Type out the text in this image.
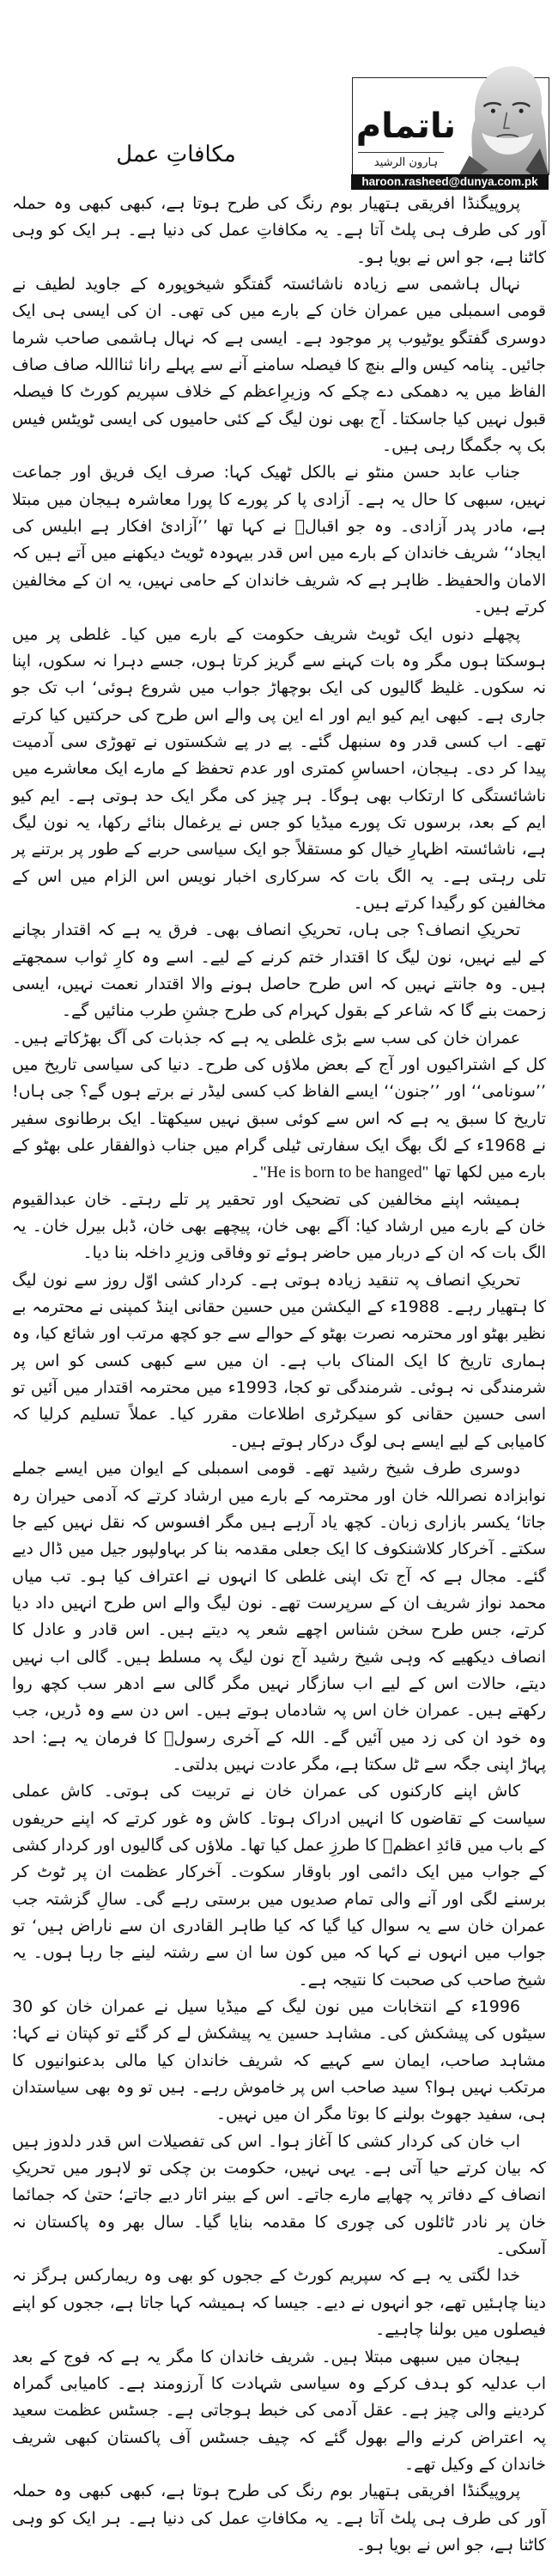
مکافاتِ عمل
ناتمام
ہارون الرشید
haroon.rasheed@dunya.com.pk

پروپیگنڈا افریقی ہتھیار بوم رنگ کی طرح ہوتا ہے، کبھی کبھی وہ حملہ آور کی طرف ہی پلٹ آتا ہے۔ یہ مکافاتِ عمل کی دنیا ہے۔ ہر ایک کو وہی کاٹنا ہے، جو اس نے بویا ہو۔

نہال ہاشمی سے زیادہ ناشائستہ گفتگو شیخوپورہ کے جاوید لطیف نے قومی اسمبلی میں عمران خان کے بارے میں کی تھی۔ ان کی ایسی ہی ایک دوسری گفتگو یوٹیوب پر موجود ہے۔ ایسی ہے کہ نہال ہاشمی صاحب شرما جائیں۔ پنامہ کیس والے بنچ کا فیصلہ سامنے آنے سے پہلے رانا ثنااللہ صاف صاف الفاظ میں یہ دھمکی دے چکے کہ وزیرِاعظم کے خلاف سپریم کورٹ کا فیصلہ قبول نہیں کیا جاسکتا۔ آج بھی نون لیگ کے کئی حامیوں کی ایسی ٹویٹس فیس بک پہ جگمگا رہی ہیں۔

جناب عابد حسن منٹو نے بالکل ٹھیک کہا: صرف ایک فریق اور جماعت نہیں، سبھی کا حال یہ ہے۔ آزادی پا کر پورے کا پورا معاشرہ ہیجان میں مبتلا ہے، مادر پدر آزادی۔ وہ جو اقبالؔ نے کہا تھا ’’آزادیٔ افکار ہے ابلیس کی ایجاد‘‘ شریف خاندان کے بارے میں اس قدر بیہودہ ٹویٹ دیکھنے میں آتے ہیں کہ الامان والحفیظ۔ ظاہر ہے کہ شریف خاندان کے حامی نہیں، یہ ان کے مخالفین کرتے ہیں۔

پچھلے دنوں ایک ٹویٹ شریف حکومت کے بارے میں کیا۔ غلطی پر میں ہوسکتا ہوں مگر وہ بات کہنے سے گریز کرتا ہوں، جسے دہرا نہ سکوں، اپنا نہ سکوں۔ غلیظ گالیوں کی ایک بوچھاڑ جواب میں شروع ہوئی‘ اب تک جو جاری ہے۔ کبھی ایم کیو ایم اور اے این پی والے اس طرح کی حرکتیں کیا کرتے تھے۔ اب کسی قدر وہ سنبھل گئے۔ پے در پے شکستوں نے تھوڑی سی آدمیت پیدا کر دی۔ ہیجان، احساسِ کمتری اور عدم تحفظ کے مارے ایک معاشرے میں ناشائستگی کا ارتکاب بھی ہوگا۔ ہر چیز کی مگر ایک حد ہوتی ہے۔ ایم کیو ایم کے بعد، برسوں تک پورے میڈیا کو جس نے یرغمال بنائے رکھا، یہ نون لیگ ہے، ناشائستہ اظہارِ خیال کو مستقلاً جو ایک سیاسی حربے کے طور پر برتنے پر تلی رہتی ہے۔ یہ الگ بات کہ سرکاری اخبار نویس اس الزام میں اس کے مخالفین کو رگیدا کرتے ہیں۔

تحریکِ انصاف؟ جی ہاں، تحریکِ انصاف بھی۔ فرق یہ ہے کہ اقتدار بچانے کے لیے نہیں، نون لیگ کا اقتدار ختم کرنے کے لیے۔ اسے وہ کارِ ثواب سمجھتے ہیں۔ وہ جانتے نہیں کہ اس طرح حاصل ہونے والا اقتدار نعمت نہیں، ایسی زحمت بنے گا کہ شاعر کے بقول کہرام کی طرح جشنِ طرب منائیں گے۔

عمران خان کی سب سے بڑی غلطی یہ ہے کہ جذبات کی آگ بھڑکاتے ہیں۔ کل کے اشتراکیوں اور آج کے بعض ملاؤں کی طرح۔ دنیا کی سیاسی تاریخ میں ’’سونامی‘‘ اور ’’جنون‘‘ ایسے الفاظ کب کسی لیڈر نے برتے ہوں گے؟ جی ہاں! تاریخ کا سبق یہ ہے کہ اس سے کوئی سبق نہیں سیکھتا۔ ایک برطانوی سفیر نے 1968ء کے لگ بھگ ایک سفارتی ٹیلی گرام میں جناب ذوالفقار علی بھٹو کے بارے میں لکھا تھا "He is born to be hanged"۔

ہمیشہ اپنے مخالفین کی تضحیک اور تحقیر پر تلے رہتے۔ خان عبدالقیوم خان کے بارے میں ارشاد کیا: آگے بھی خان، پیچھے بھی خان، ڈبل بیرل خان۔ یہ الگ بات کہ ان کے دربار میں حاضر ہوئے تو وفاقی وزیرِ داخلہ بنا دیا۔

تحریکِ انصاف پہ تنقید زیادہ ہوتی ہے۔ کردار کشی اوّل روز سے نون لیگ کا ہتھیار رہے۔ 1988ء کے الیکشن میں حسین حقانی اینڈ کمپنی نے محترمہ بے نظیر بھٹو اور محترمہ نصرت بھٹو کے حوالے سے جو کچھ مرتب اور شائع کیا، وہ ہماری تاریخ کا ایک المناک باب ہے۔ ان میں سے کبھی کسی کو اس پر شرمندگی نہ ہوئی۔ شرمندگی تو کجا، 1993ء میں محترمہ اقتدار میں آئیں تو اسی حسین حقانی کو سیکرٹری اطلاعات مقرر کیا۔ عملاً تسلیم کرلیا کہ کامیابی کے لیے ایسے ہی لوگ درکار ہوتے ہیں۔

دوسری طرف شیخ رشید تھے۔ قومی اسمبلی کے ایوان میں ایسے جملے نوابزادہ نصراللہ خان اور محترمہ کے بارے میں ارشاد کرتے کہ آدمی حیران رہ جاتا‘ یکسر بازاری زبان۔ کچھ یاد آرہے ہیں مگر افسوس کہ نقل نہیں کیے جا سکتے۔ آخرکار کلاشنکوف کا ایک جعلی مقدمہ بنا کر بہاولپور جیل میں ڈال دیے گئے۔ مجال ہے کہ آج تک اپنی غلطی کا انہوں نے اعتراف کیا ہو۔ تب میاں محمد نواز شریف ان کے سرپرست تھے۔ نون لیگ والے اس طرح انہیں داد دیا کرتے، جس طرح سخن شناس اچھے شعر پہ دیتے ہیں۔ اس قادر و عادل کا انصاف دیکھیے کہ وہی شیخ رشید آج نون لیگ پہ مسلط ہیں۔ گالی اب نہیں دیتے، حالات اس کے لیے اب سازگار نہیں مگر گالی سے ادھر سب کچھ روا رکھتے ہیں۔ عمران خان اس پہ شادماں ہوتے ہیں۔ اس دن سے وہ ڈریں، جب وہ خود ان کی زد میں آئیں گے۔ اللہ کے آخری رسولؐ کا فرمان یہ ہے: احد پہاڑ اپنی جگہ سے ٹل سکتا ہے، مگر عادت نہیں بدلتی۔

کاش اپنے کارکنوں کی عمران خان نے تربیت کی ہوتی۔ کاش عملی سیاست کے تقاضوں کا انہیں ادراک ہوتا۔ کاش وہ غور کرتے کہ اپنے حریفوں کے باب میں قائدِ اعظمؒ کا طرزِ عمل کیا تھا۔ ملاؤں کی گالیوں اور کردار کشی کے جواب میں ایک دائمی اور باوقار سکوت۔ آخرکار عظمت ان پر ٹوٹ کر برسنے لگی اور آنے والی تمام صدیوں میں برستی رہے گی۔ سالِ گزشتہ جب عمران خان سے یہ سوال کیا گیا کہ کیا طاہر القادری ان سے ناراض ہیں‘ تو جواب میں انہوں نے کہا کہ میں کون سا ان سے رشتہ لینے جا رہا ہوں۔ یہ شیخ صاحب کی صحبت کا نتیجہ ہے۔

1996ء کے انتخابات میں نون لیگ کے میڈیا سیل نے عمران خان کو 30 سیٹوں کی پیشکش کی۔ مشاہد حسین یہ پیشکش لے کر گئے تو کپتان نے کہا: مشاہد صاحب، ایمان سے کہیے کہ شریف خاندان کیا مالی بدعنوانیوں کا مرتکب نہیں ہوا؟ سید صاحب اس پر خاموش رہے۔ ہیں تو وہ بھی سیاستدان ہی، سفید جھوٹ بولنے کا بوتا مگر ان میں نہیں۔

اب خان کی کردار کشی کا آغاز ہوا۔ اس کی تفصیلات اس قدر دلدوز ہیں کہ بیان کرتے حیا آتی ہے۔ یہی نہیں، حکومت بن چکی تو لاہور میں تحریکِ انصاف کے دفاتر پہ چھاپے مارے جاتے۔ اس کے بینر اتار دیے جاتے؛ حتیٰ کہ جمائما خان پر نادر ٹائلوں کی چوری کا مقدمہ بنایا گیا۔ سال بھر وہ پاکستان نہ آسکی۔

خدا لگتی یہ ہے کہ سپریم کورٹ کے ججوں کو بھی وہ ریمارکس ہرگز نہ دینا چاہئیں تھے، جو انہوں نے دیے۔ جیسا کہ ہمیشہ کہا جاتا ہے، ججوں کو اپنے فیصلوں میں بولنا چاہیے۔

ہیجان میں سبھی مبتلا ہیں۔ شریف خاندان کا مگر یہ ہے کہ فوج کے بعد اب عدلیہ کو ہدف کرکے وہ سیاسی شہادت کا آرزومند ہے۔ کامیابی گمراہ کردینے والی چیز ہے۔ عقل آدمی کی خبط ہوجاتی ہے۔ جسٹس عظمت سعید پہ اعتراض کرنے والے بھول گئے کہ چیف جسٹس آف پاکستان کبھی شریف خاندان کے وکیل تھے۔

پروپیگنڈا افریقی ہتھیار بوم رنگ کی طرح ہوتا ہے، کبھی کبھی وہ حملہ آور کی طرف ہی پلٹ آتا ہے۔ یہ مکافاتِ عمل کی دنیا ہے۔ ہر ایک کو وہی کاٹنا ہے، جو اس نے بویا ہو۔
